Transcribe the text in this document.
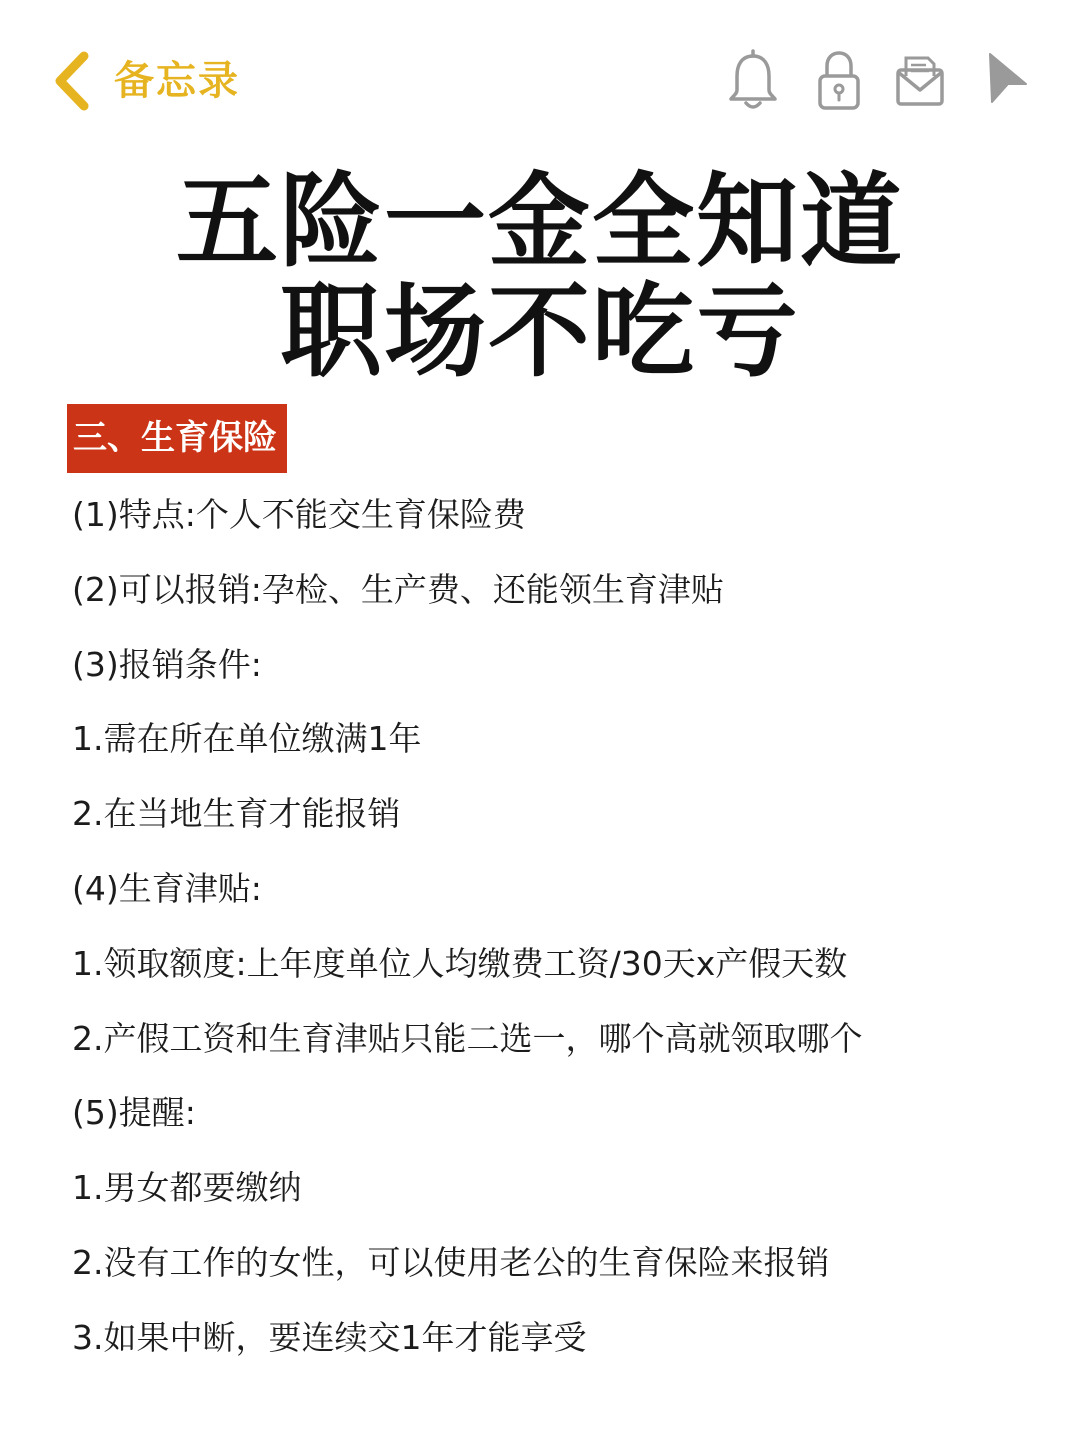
备忘录
五险一金全知道
职场不吃亏
三、生育保险
(1)特点:个人不能交生育保险费
(2)可以报销:孕检、生产费、还能领生育津贴
(3)报销条件:
1.需在所在单位缴满1年
2.在当地生育才能报销
(4)生育津贴:
1.领取额度:上年度单位人均缴费工资/30天x产假天数
2.产假工资和生育津贴只能二选一，哪个高就领取哪个
(5)提醒:
1.男女都要缴纳
2.没有工作的女性，可以使用老公的生育保险来报销
3.如果中断，要连续交1年才能享受
